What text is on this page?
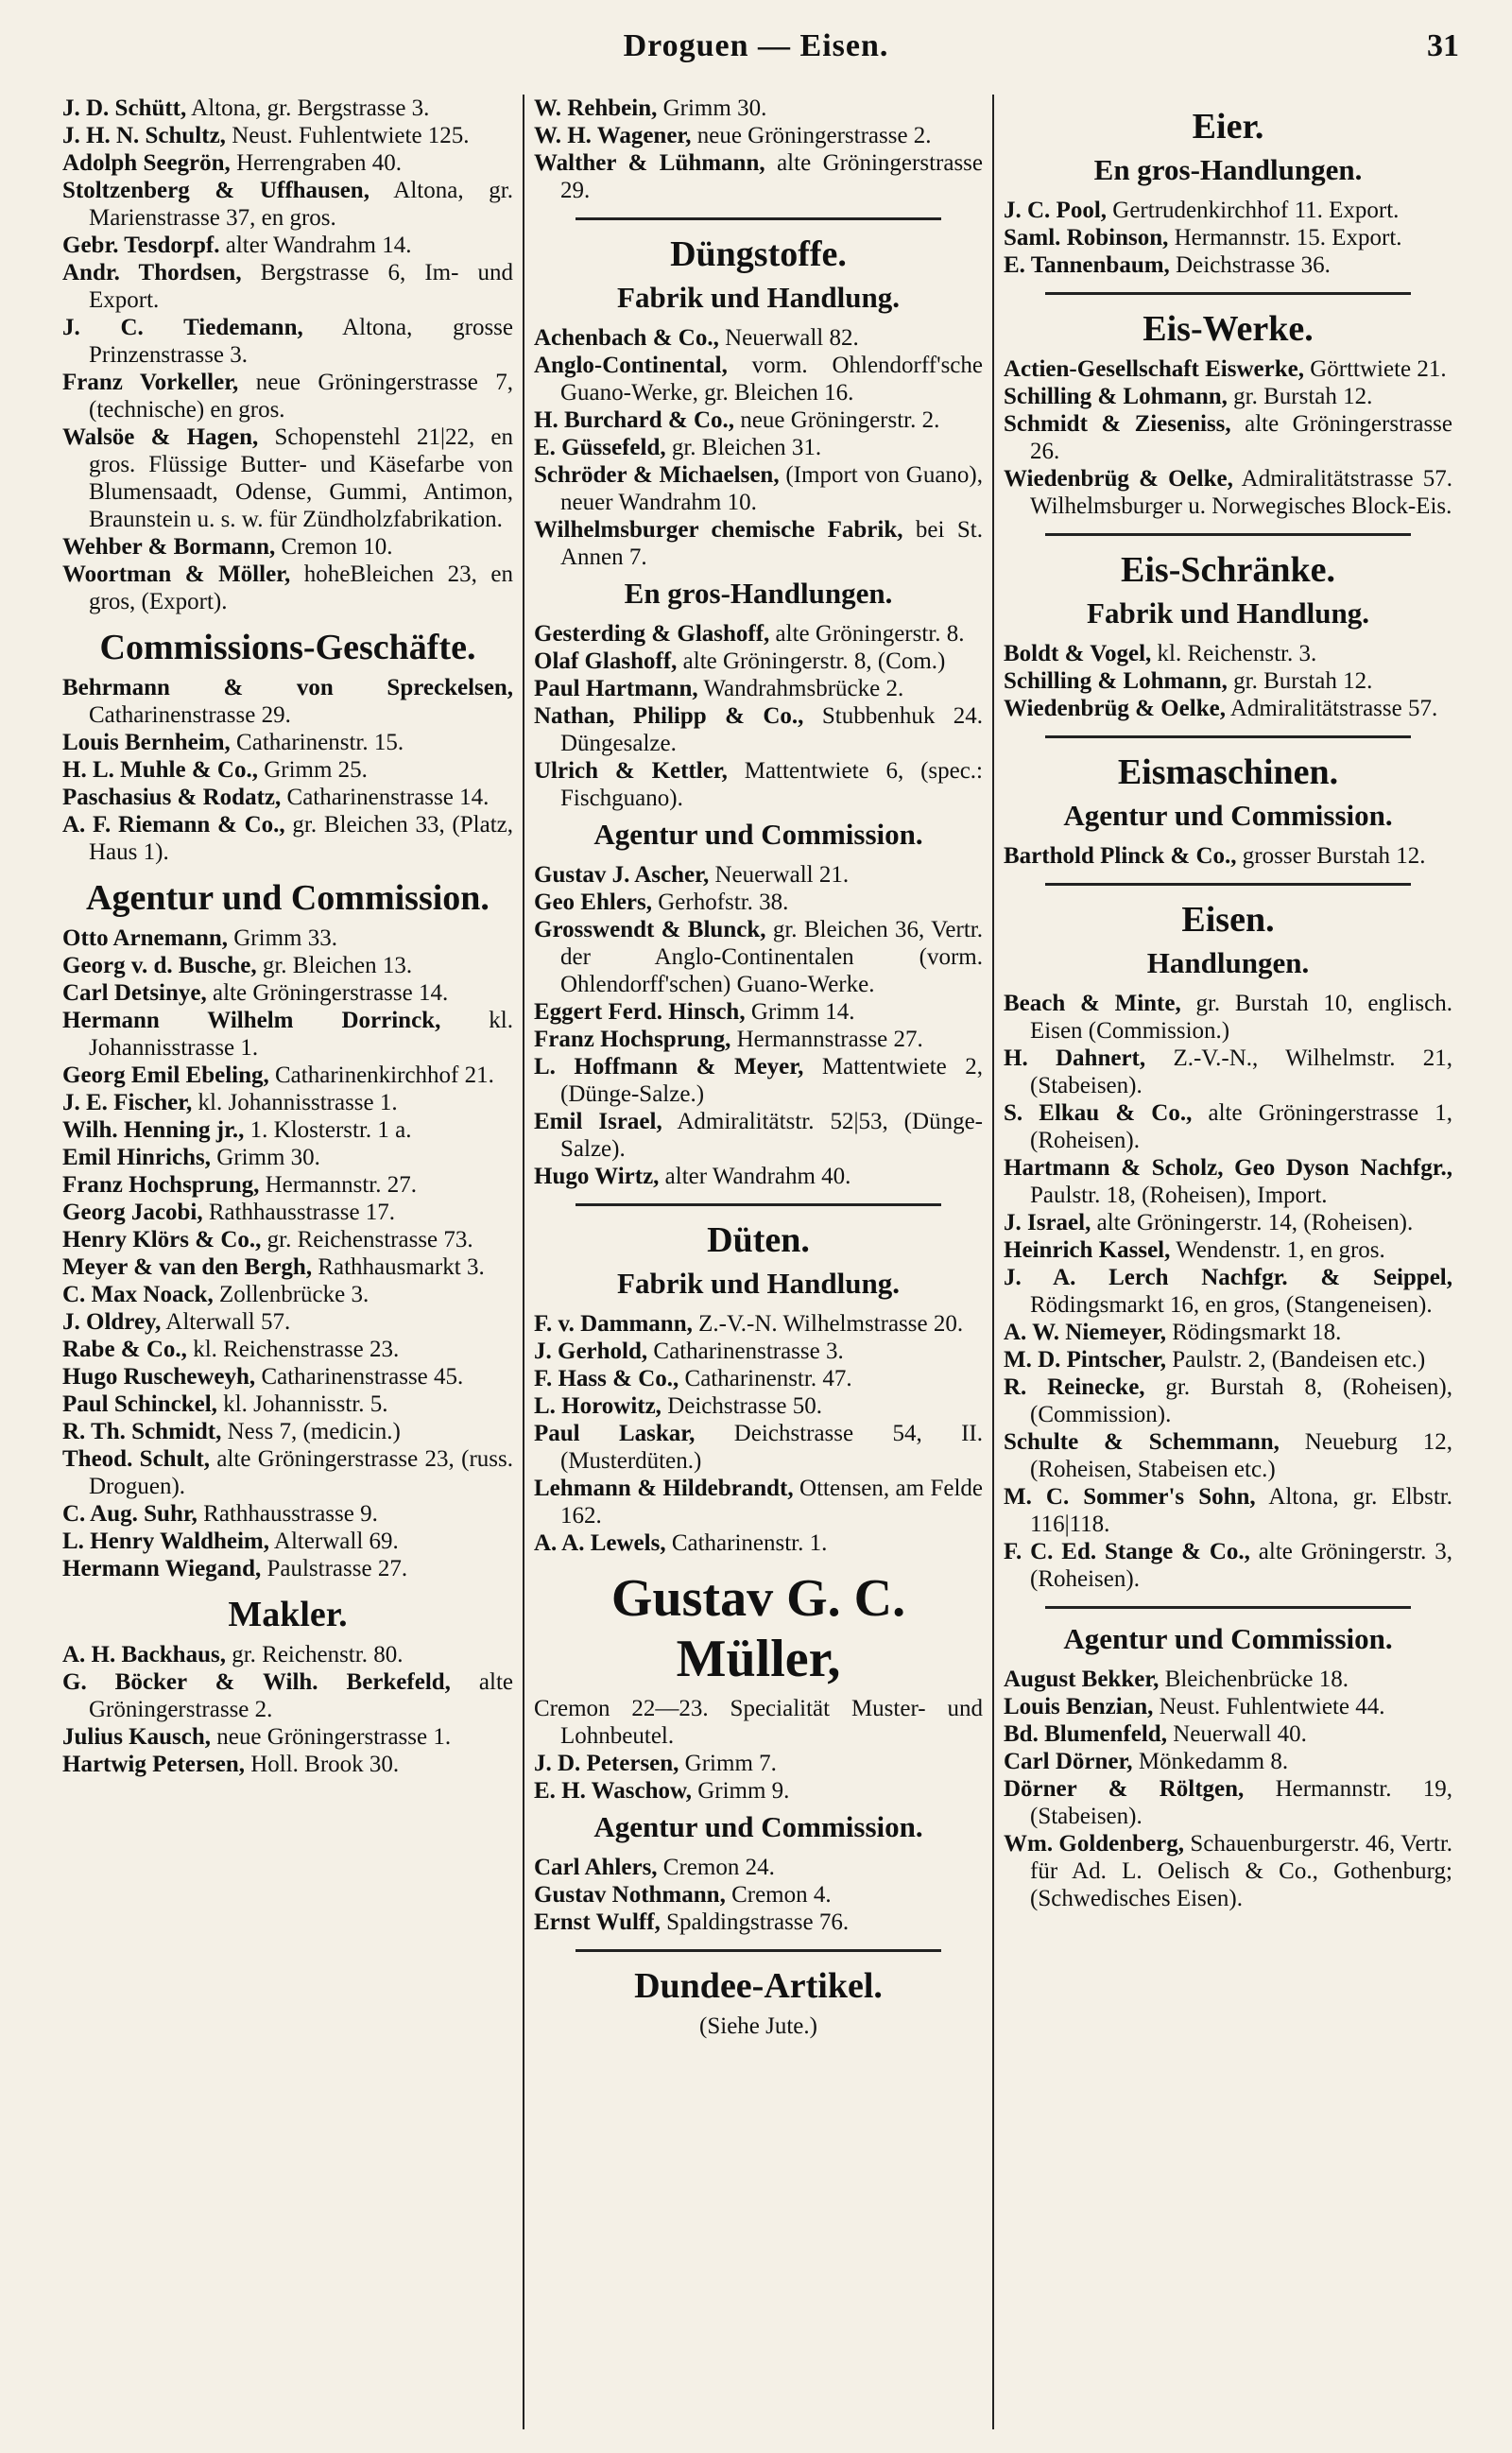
Droguen — Eisen.	31

J. D. Schütt, Altona, gr. Bergstrasse 3.

J. H. N. Schultz, Neust. Fuhlentwiete 125.

Adolph Seegrön, Herrengraben 40.

Stoltzenberg & Uffhausen, Altona, gr. Marienstrasse 37, en gros.

Gebr. Tesdorpf. alter Wandrahm 14.

Andr. Thordsen, Bergstrasse 6, Im- und Export.

J. C. Tiedemann, Altona, grosse Prinzenstrasse 3.

Franz Vorkeller, neue Gröningerstrasse 7, (technische) en gros.

Walsöe & Hagen, Schopenstehl 21|22, en gros. Flüssige Butter- und Käsefarbe von Blumensaadt, Odense, Gummi, Antimon, Braunstein u. s. w. für Zündholzfabrikation.

Wehber & Bormann, Cremon 10.

Woortman & Möller, hoheBleichen 23, en gros, (Export).

Commissions-Geschäfte.

Behrmann & von Spreckelsen, Catharinenstrasse 29.

Louis Bernheim, Catharinenstr. 15.

H. L. Muhle & Co., Grimm 25.

Paschasius & Rodatz, Catharinenstrasse 14.

A. F. Riemann & Co., gr. Bleichen 33, (Platz, Haus 1).

Agentur und Commission.

Otto Arnemann, Grimm 33.

Georg v. d. Busche, gr. Bleichen 13.

Carl Detsinye, alte Gröningerstrasse 14.

Hermann Wilhelm Dorrinck, kl. Johannisstrasse 1.

Georg Emil Ebeling, Catharinenkirchhof 21.

J. E. Fischer, kl. Johannisstrasse 1.

Wilh. Henning jr., 1. Klosterstr. 1 a.

Emil Hinrichs, Grimm 30.

Franz Hochsprung, Hermannstr. 27.

Georg Jacobi, Rathhausstrasse 17.

Henry Klörs & Co., gr. Reichenstrasse 73.

Meyer & van den Bergh, Rathhausmarkt 3.

C. Max Noack, Zollenbrücke 3.

J. Oldrey, Alterwall 57.

Rabe & Co., kl. Reichenstrasse 23.

Hugo Ruscheweyh, Catharinenstrasse 45.

Paul Schinckel, kl. Johannisstr. 5.

R. Th. Schmidt, Ness 7, (medicin.)

Theod. Schult, alte Gröningerstrasse 23, (russ. Droguen).

C. Aug. Suhr, Rathhausstrasse 9.

L. Henry Waldheim, Alterwall 69.

Hermann Wiegand, Paulstrasse 27.

Makler.

A. H. Backhaus, gr. Reichenstr. 80.

G. Böcker & Wilh. Berkefeld, alte Gröningerstrasse 2.

Julius Kausch, neue Gröningerstrasse 1.

Hartwig Petersen, Holl. Brook 30.

W. Rehbein, Grimm 30.

W. H. Wagener, neue Gröningerstrasse 2.

Walther & Lühmann, alte Gröningerstrasse 29.

Düngstoffe.
Fabrik und Handlung.

Achenbach & Co., Neuerwall 82.

Anglo-Continental, vorm. Ohlendorff'sche Guano-Werke, gr. Bleichen 16.

H. Burchard & Co., neue Gröningerstr. 2.

E. Güssefeld, gr. Bleichen 31.

Schröder & Michaelsen, (Import von Guano), neuer Wandrahm 10.

Wilhelmsburger chemische Fabrik, bei St. Annen 7.

En gros-Handlungen.

Gesterding & Glashoff, alte Gröningerstr. 8.

Olaf Glashoff, alte Gröningerstr. 8, (Com.)

Paul Hartmann, Wandrahmsbrücke 2.

Nathan, Philipp & Co., Stubbenhuk 24. Düngesalze.

Ulrich & Kettler, Mattentwiete 6, (spec.: Fischguano).

Agentur und Commission.

Gustav J. Ascher, Neuerwall 21.

Geo Ehlers, Gerhofstr. 38.

Grosswendt & Blunck, gr. Bleichen 36, Vertr. der Anglo-Continentalen (vorm. Ohlendorff'schen) Guano-Werke.

Eggert Ferd. Hinsch, Grimm 14.

Franz Hochsprung, Hermannstrasse 27.

L. Hoffmann & Meyer, Mattentwiete 2, (Dünge-Salze.)

Emil Israel, Admiralitätstr. 52|53, (Dünge-Salze).

Hugo Wirtz, alter Wandrahm 40.

Düten.
Fabrik und Handlung.

F. v. Dammann, Z.-V.-N. Wilhelmstrasse 20.

J. Gerhold, Catharinenstrasse 3.

F. Hass & Co., Catharinenstr. 47.

L. Horowitz, Deichstrasse 50.

Paul Laskar, Deichstrasse 54, II. (Musterdüten.)

Lehmann & Hildebrandt, Ottensen, am Felde 162.

A. A. Lewels, Catharinenstr. 1.

Gustav G. C. Müller,

Cremon 22—23. Specialität Muster- und Lohnbeutel.

J. D. Petersen, Grimm 7.

E. H. Waschow, Grimm 9.

Agentur und Commission.

Carl Ahlers, Cremon 24.

Gustav Nothmann, Cremon 4.

Ernst Wulff, Spaldingstrasse 76.

Dundee-Artikel.
(Siehe Jute.)
Eier.
En gros-Handlungen.

J. C. Pool, Gertrudenkirchhof 11. Export.

Saml. Robinson, Hermannstr. 15. Export.

E. Tannenbaum, Deichstrasse 36.

Eis-Werke.

Actien-Gesellschaft Eiswerke, Görttwiete 21.

Schilling & Lohmann, gr. Burstah 12.

Schmidt & Zieseniss, alte Gröningerstrasse 26.

Wiedenbrüg & Oelke, Admiralitätstrasse 57. Wilhelmsburger u. Norwegisches Block-Eis.

Eis-Schränke.
Fabrik und Handlung.

Boldt & Vogel, kl. Reichenstr. 3.

Schilling & Lohmann, gr. Burstah 12.

Wiedenbrüg & Oelke, Admiralitätstrasse 57.

Eismaschinen.
Agentur und Commission.

Barthold Plinck & Co., grosser Burstah 12.

Eisen.
Handlungen.

Beach & Minte, gr. Burstah 10, englisch. Eisen (Commission.)

H. Dahnert, Z.-V.-N., Wilhelmstr. 21, (Stabeisen).

S. Elkau & Co., alte Gröningerstrasse 1, (Roheisen).

Hartmann & Scholz, Geo Dyson Nachfgr., Paulstr. 18, (Roheisen), Import.

J. Israel, alte Gröningerstr. 14, (Roheisen).

Heinrich Kassel, Wendenstr. 1, en gros.

J. A. Lerch Nachfgr. & Seippel, Rödingsmarkt 16, en gros, (Stangeneisen).

A. W. Niemeyer, Rödingsmarkt 18.

M. D. Pintscher, Paulstr. 2, (Bandeisen etc.)

R. Reinecke, gr. Burstah 8, (Roheisen), (Commission).

Schulte & Schemmann, Neueburg 12, (Roheisen, Stabeisen etc.)

M. C. Sommer's Sohn, Altona, gr. Elbstr. 116|118.

F. C. Ed. Stange & Co., alte Gröningerstr. 3, (Roheisen).

Agentur und Commission.

August Bekker, Bleichenbrücke 18.

Louis Benzian, Neust. Fuhlentwiete 44.

Bd. Blumenfeld, Neuerwall 40.

Carl Dörner, Mönkedamm 8.

Dörner & Röltgen, Hermannstr. 19, (Stabeisen).

Wm. Goldenberg, Schauenburgerstr. 46, Vertr. für Ad. L. Oelisch & Co., Gothenburg; (Schwedisches Eisen).
